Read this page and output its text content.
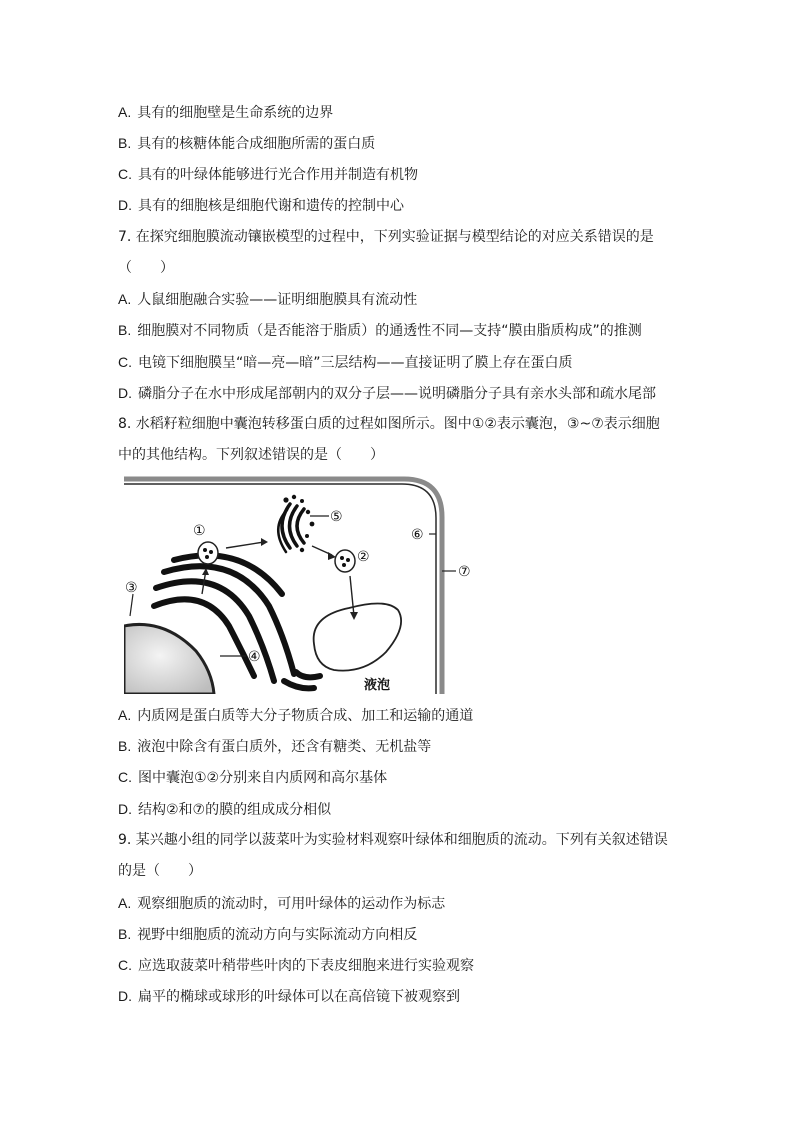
A. 具有的细胞壁是生命系统的边界
B. 具有的核糖体能合成细胞所需的蛋白质
C. 具有的叶绿体能够进行光合作用并制造有机物
D. 具有的细胞核是细胞代谢和遗传的控制中心
7. 在探究细胞膜流动镶嵌模型的过程中，下列实验证据与模型结论的对应关系错误的是
（　　）
A. 人鼠细胞融合实验——证明细胞膜具有流动性
B. 细胞膜对不同物质（是否能溶于脂质）的通透性不同—支持“膜由脂质构成”的推测
C. 电镜下细胞膜呈“暗—亮—暗”三层结构——直接证明了膜上存在蛋白质
D. 磷脂分子在水中形成尾部朝内的双分子层——说明磷脂分子具有亲水头部和疏水尾部
8. 水稻籽粒细胞中囊泡转移蛋白质的过程如图所示。图中①②表示囊泡，③~⑦表示细胞
中的其他结构。下列叙述错误的是（　　）
①
②
③
④
⑤
⑥
⑦
液泡
A. 内质网是蛋白质等大分子物质合成、加工和运输的通道
B. 液泡中除含有蛋白质外，还含有糖类、无机盐等
C. 图中囊泡①②分别来自内质网和高尔基体
D. 结构②和⑦的膜的组成成分相似
9. 某兴趣小组的同学以菠菜叶为实验材料观察叶绿体和细胞质的流动。下列有关叙述错误
的是（　　）
A. 观察细胞质的流动时，可用叶绿体的运动作为标志
B. 视野中细胞质的流动方向与实际流动方向相反
C. 应选取菠菜叶稍带些叶肉的下表皮细胞来进行实验观察
D. 扁平的椭球或球形的叶绿体可以在高倍镜下被观察到
